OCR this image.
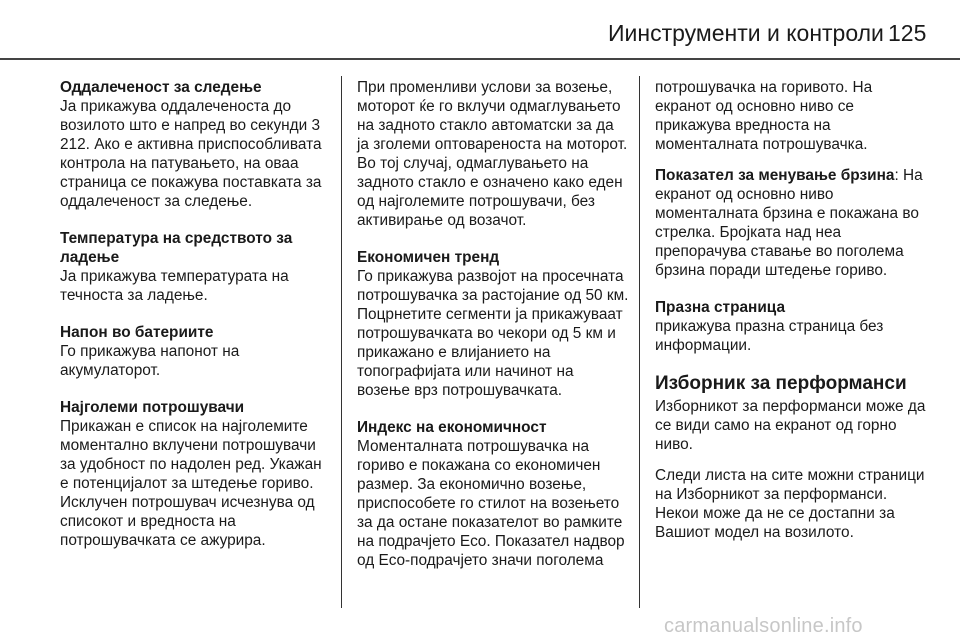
Иинструменти и контроли 125
Оддалеченост за следење
Ја прикажува оддалеченоста до возилото што е напред во секунди 3 212. Ако е активна приспособливата контрола на патувањето, на оваа страница се покажува поставката за оддалеченост за следење.
Температура на средството за ладење
Ја прикажува температурата на течноста за ладење.
Напон во батериите
Го прикажува напонот на акумулаторот.
Најголеми потрошувачи
Прикажан е список на најголемите моментално вклучени потрошувачи за удобност по надолен ред. Укажан е потенцијалот за штедење гориво. Исклучен потрошувач исчезнува од списокот и вредноста на потрошувачката се ажурира.
При променливи услови за возење, моторот ќе го вклучи одмаглувањето на задното стакло автоматски за да ја зголеми оптовареноста на моторот. Во тој случај, одмаглувањето на задното стакло е означено како еден од најголемите потрошувачи, без активирање од возачот.
Економичен тренд
Го прикажува развојот на просечната потрошувачка за растојание од 50 км. Поцрнетите сегменти ја прикажуваат потрошувачката во чекори од 5 км и прикажано е влијанието на топографијата или начинот на возење врз потрошувачката.
Индекс на економичност
Моменталната потрошувачка на гориво е покажана со економичен размер. За економично возење, приспособете го стилот на возењето за да остане показателот во рамките на подрачјето Eco. Показател надвор од Eco-подрачјето значи поголема

потрошувачка на горивото. На екранот од основно ниво се прикажува вредноста на моменталната потрошувачка.

Показател за менување брзина: На екранот од основно ниво моменталната брзина е покажана во стрелка. Бројката над неа препорачува ставање во поголема брзина поради штедење гориво.
Празна страница
прикажува празна страница без информации.
Изборник за перформанси

Изборникот за перформанси може да се види само на екранот од горно ниво.

Следи листа на сите можни страници на Изборникот за перформанси. Некои може да не се достапни за Вашиот модел на возилото.

carmanualsonline.info
